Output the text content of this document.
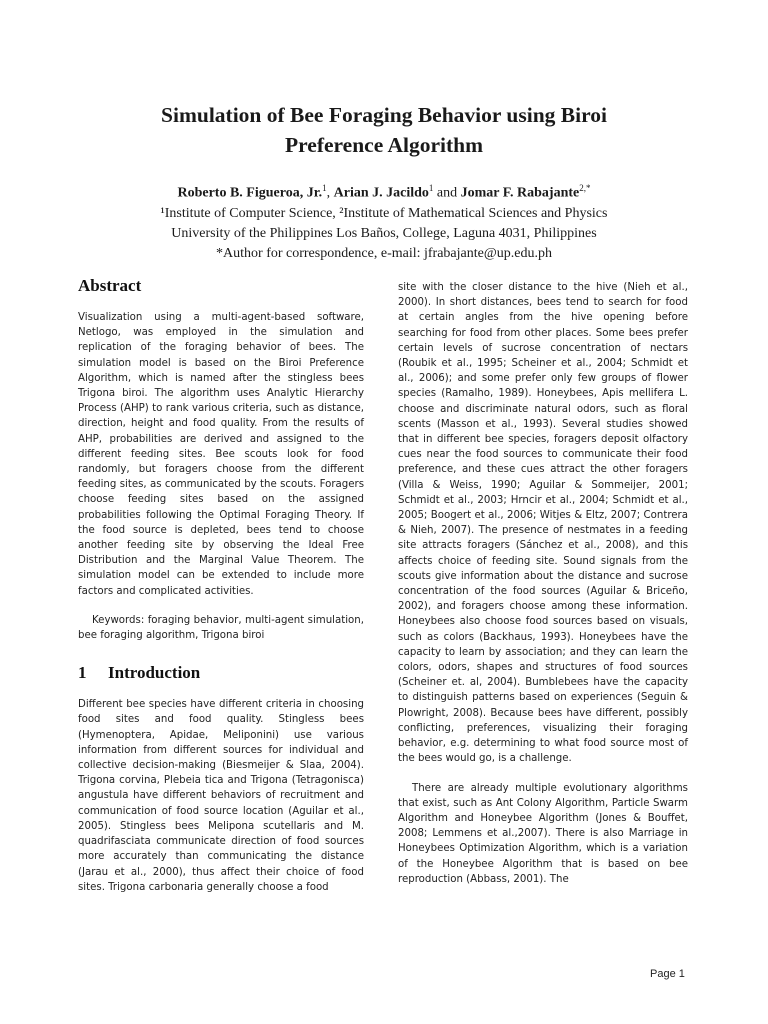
Simulation of Bee Foraging Behavior using Biroi
Preference Algorithm
Roberto B. Figueroa, Jr.$^1$, Arian J. Jacildo$^1$ and Jomar F. Rabajante$^{2,*}$
¹Institute of Computer Science, ²Institute of Mathematical Sciences and Physics
University of the Philippines Los Baños, College, Laguna 4031, Philippines
*Author for correspondence, e-mail: jfrabajante@up.edu.ph
Abstract

Visualization using a multi-agent-based software, Netlogo, was employed in the simulation and replication of the foraging behavior of bees. The simulation model is based on the Biroi Preference Algorithm, which is named after the stingless bees Trigona biroi. The algorithm uses Analytic Hierarchy Process (AHP) to rank various criteria, such as distance, direction, height and food quality. From the results of AHP, probabilities are derived and assigned to the different feeding sites. Bee scouts look for food randomly, but foragers choose from the different feeding sites, as communicated by the scouts. Foragers choose feeding sites based on the assigned probabilities following the Optimal Foraging Theory. If the food source is depleted, bees tend to choose another feeding site by observing the Ideal Free Distribution and the Marginal Value Theorem. The simulation model can be extended to include more factors and complicated activities.

Keywords: foraging behavior, multi-agent simulation, bee foraging algorithm, Trigona biroi

1 Introduction

Different bee species have different criteria in choosing food sites and food quality. Stingless bees (Hymenoptera, Apidae, Meliponini) use various information from different sources for individual and collective decision-making (Biesmeijer & Slaa, 2004). Trigona corvina, Plebeia tica and Trigona (Tetragonisca) angustula have different behaviors of recruitment and communication of food source location (Aguilar et al., 2005). Stingless bees Melipona scutellaris and M. quadrifasciata communicate direction of food sources more accurately than communicating the distance (Jarau et al., 2000), thus affect their choice of food sites. Trigona carbonaria generally choose a food

site with the closer distance to the hive (Nieh et al., 2000). In short distances, bees tend to search for food at certain angles from the hive opening before searching for food from other places. Some bees prefer certain levels of sucrose concentration of nectars (Roubik et al., 1995; Scheiner et al., 2004; Schmidt et al., 2006); and some prefer only few groups of flower species (Ramalho, 1989). Honeybees, Apis mellifera L. choose and discriminate natural odors, such as floral scents (Masson et al., 1993). Several studies showed that in different bee species, foragers deposit olfactory cues near the food sources to communicate their food preference, and these cues attract the other foragers (Villa & Weiss, 1990; Aguilar & Sommeijer, 2001; Schmidt et al., 2003; Hrncir et al., 2004; Schmidt et al., 2005; Boogert et al., 2006; Witjes & Eltz, 2007; Contrera & Nieh, 2007). The presence of nestmates in a feeding site attracts foragers (Sánchez et al., 2008), and this affects choice of feeding site. Sound signals from the scouts give information about the distance and sucrose concentration of the food sources (Aguilar & Briceño, 2002), and foragers choose among these information. Honeybees also choose food sources based on visuals, such as colors (Backhaus, 1993). Honeybees have the capacity to learn by association; and they can learn the colors, odors, shapes and structures of food sources (Scheiner et. al, 2004). Bumblebees have the capacity to distinguish patterns based on experiences (Seguin & Plowright, 2008). Because bees have different, possibly conflicting, preferences, visualizing their foraging behavior, e.g. determining to what food source most of the bees would go, is a challenge.

There are already multiple evolutionary algorithms that exist, such as Ant Colony Algorithm, Particle Swarm Algorithm and Honeybee Algorithm (Jones & Bouffet, 2008; Lemmens et al.,2007). There is also Marriage in Honeybees Optimization Algorithm, which is a variation of the Honeybee Algorithm that is based on bee reproduction (Abbass, 2001). The

Page 1
